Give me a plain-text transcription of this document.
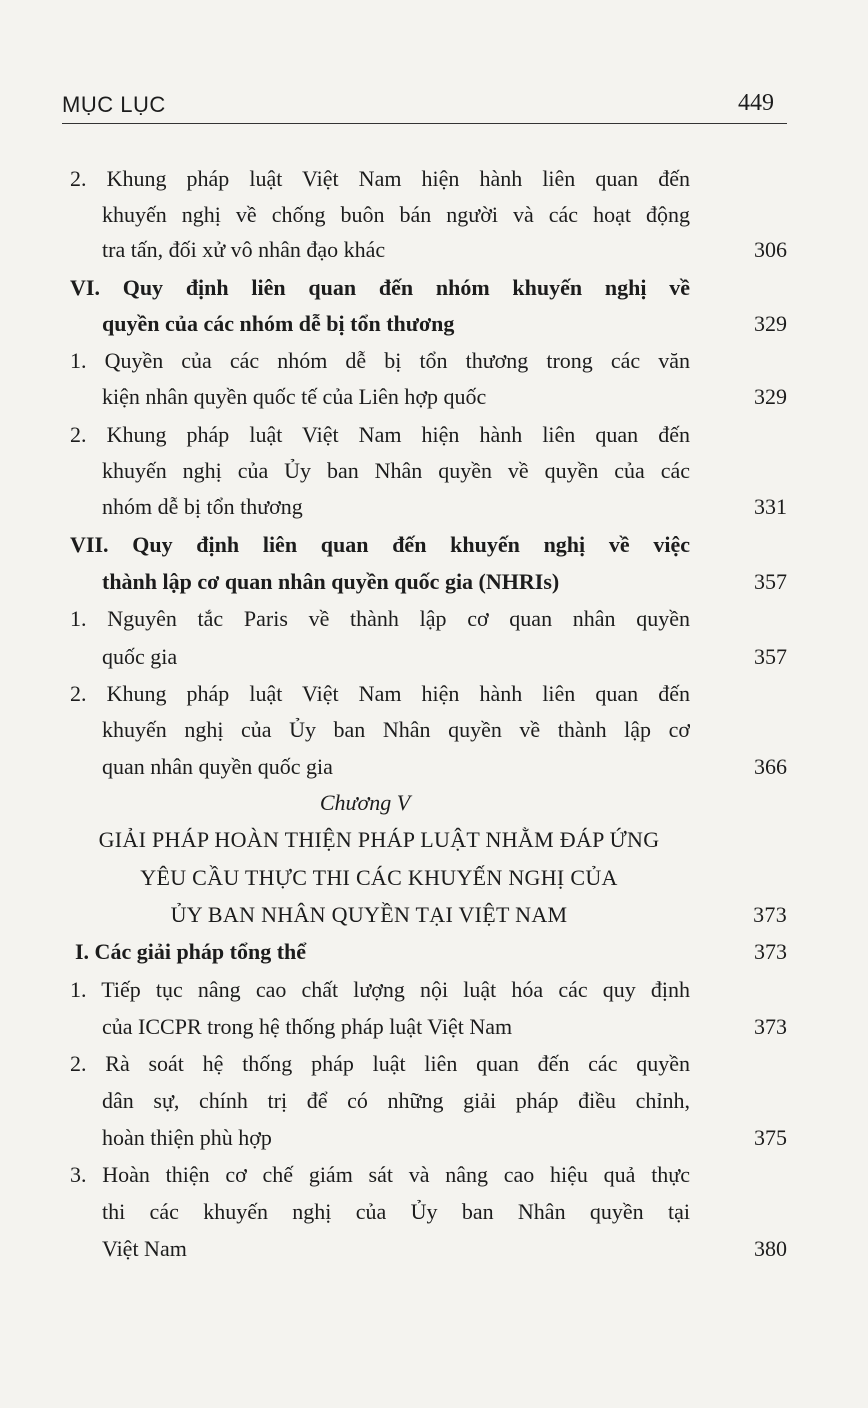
MỤC LỤC	449
2. Khung pháp luật Việt Nam hiện hành liên quan đến
khuyến nghị về chống buôn bán người và các hoạt động
tra tấn, đối xử vô nhân đạo khác	306
VI. Quy định liên quan đến nhóm khuyến nghị về
quyền của các nhóm dễ bị tổn thương	329
1. Quyền của các nhóm dễ bị tổn thương trong các văn
kiện nhân quyền quốc tế của Liên hợp quốc	329
2. Khung pháp luật Việt Nam hiện hành liên quan đến
khuyến nghị của Ủy ban Nhân quyền về quyền của các
nhóm dễ bị tổn thương	331
VII. Quy định liên quan đến khuyến nghị về việc
thành lập cơ quan nhân quyền quốc gia (NHRIs)	357
1. Nguyên tắc Paris về thành lập cơ quan nhân quyền
quốc gia	357
2. Khung pháp luật Việt Nam hiện hành liên quan đến
khuyến nghị của Ủy ban Nhân quyền về thành lập cơ
quan nhân quyền quốc gia	366
Chương V
GIẢI PHÁP HOÀN THIỆN PHÁP LUẬT NHẰM ĐÁP ỨNG
YÊU CẦU THỰC THI CÁC KHUYẾN NGHỊ CỦA
ỦY BAN NHÂN QUYỀN TẠI VIỆT NAM	373
I. Các giải pháp tổng thể	373
1. Tiếp tục nâng cao chất lượng nội luật hóa các quy định
của ICCPR trong hệ thống pháp luật Việt Nam	373
2. Rà soát hệ thống pháp luật liên quan đến các quyền
dân sự, chính trị để có những giải pháp điều chỉnh,
hoàn thiện phù hợp	375
3. Hoàn thiện cơ chế giám sát và nâng cao hiệu quả thực
thi các khuyến nghị của Ủy ban Nhân quyền tại
Việt Nam	380
